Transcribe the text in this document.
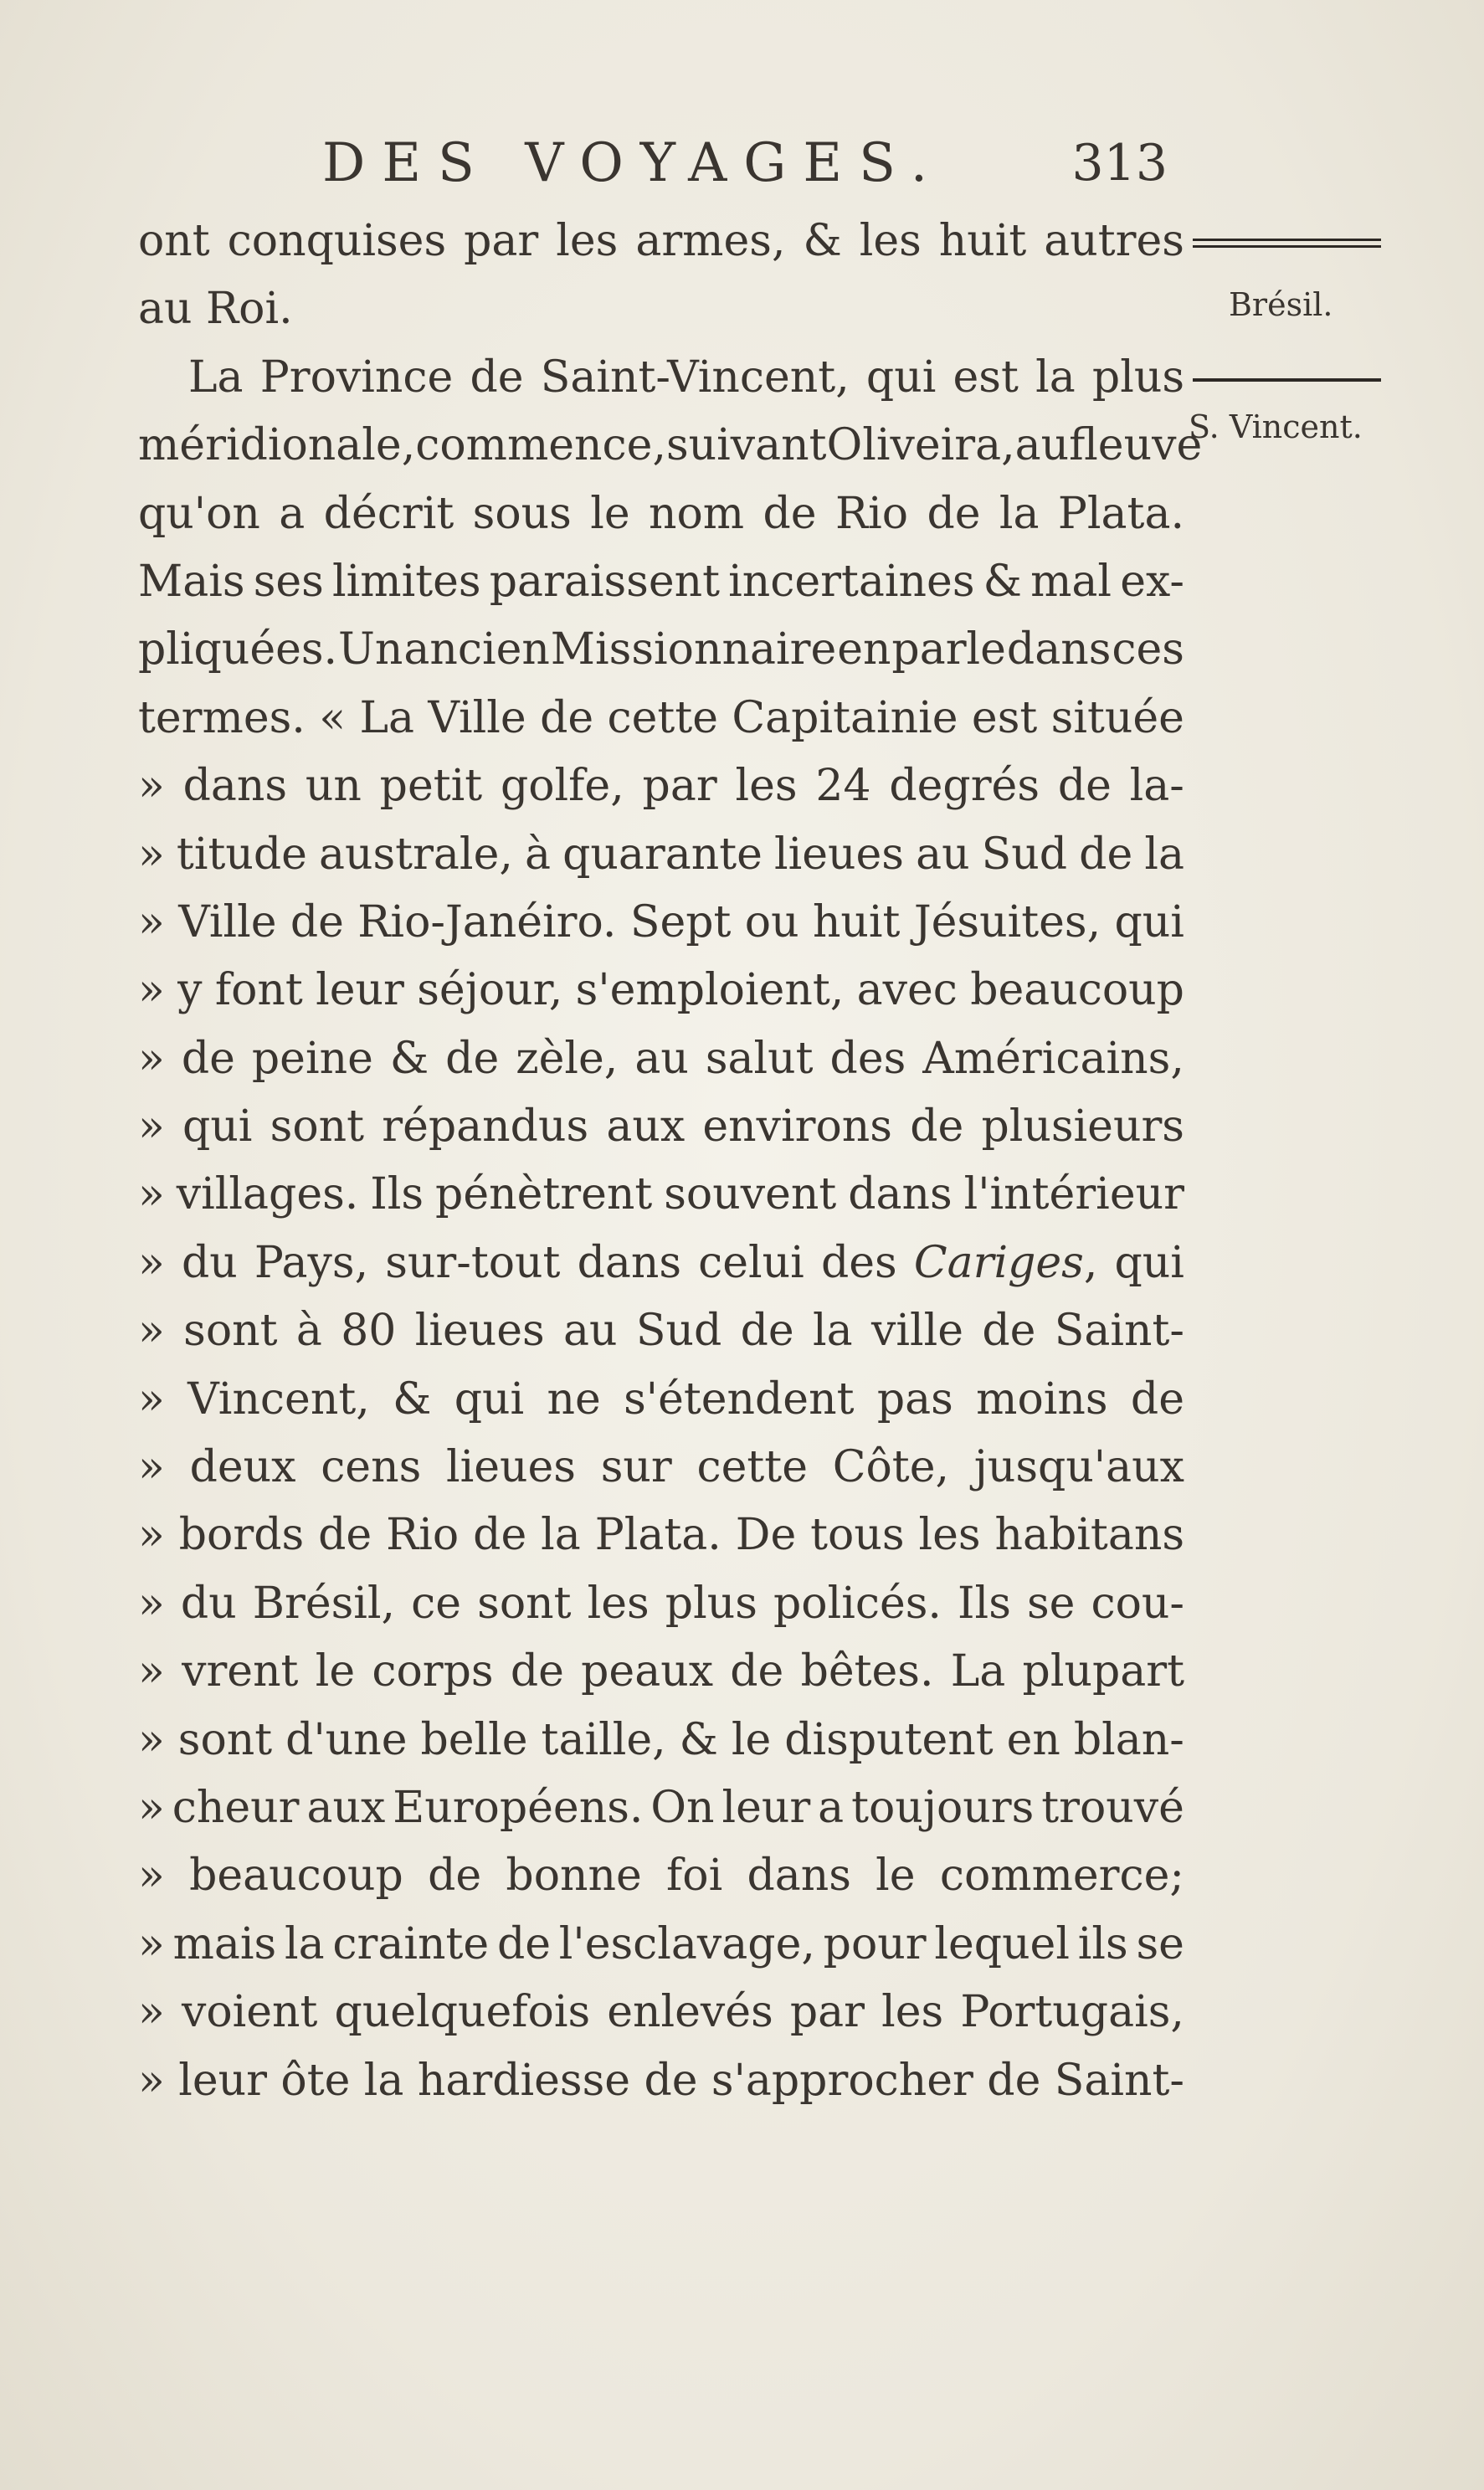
DES VOYAGES.	313
ont conquises par les armes, & les huit autres
au Roi.
La Province de Saint-Vincent, qui est la plus
méridionale, commence, suivant Oliveira, au fleuve
qu'on a décrit sous le nom de Rio de la Plata.
Mais ses limites paraissent incertaines & mal ex-
pliquées. Un ancien Missionnaire en parle dans ces
termes. « La Ville de cette Capitainie est située
» dans un petit golfe, par les 24 degrés de la-
» titude australe, à quarante lieues au Sud de la
» Ville de Rio-Janéiro. Sept ou huit Jésuites, qui
» y font leur séjour, s'emploient, avec beaucoup
» de peine & de zèle, au salut des Américains,
» qui sont répandus aux environs de plusieurs
» villages. Ils pénètrent souvent dans l'intérieur
» du Pays, sur-tout dans celui des Cariges, qui
» sont à 80 lieues au Sud de la ville de Saint-
» Vincent, & qui ne s'étendent pas moins de
» deux cens lieues sur cette Côte, jusqu'aux
» bords de Rio de la Plata. De tous les habitans
» du Brésil, ce sont les plus policés. Ils se cou-
» vrent le corps de peaux de bêtes. La plupart
» sont d'une belle taille, & le disputent en blan-
» cheur aux Européens. On leur a toujours trouvé
» beaucoup de bonne foi dans le commerce;
» mais la crainte de l'esclavage, pour lequel ils se
» voient quelquefois enlevés par les Portugais,
» leur ôte la hardiesse de s'approcher de Saint-
Brésil.
S. Vincent.
